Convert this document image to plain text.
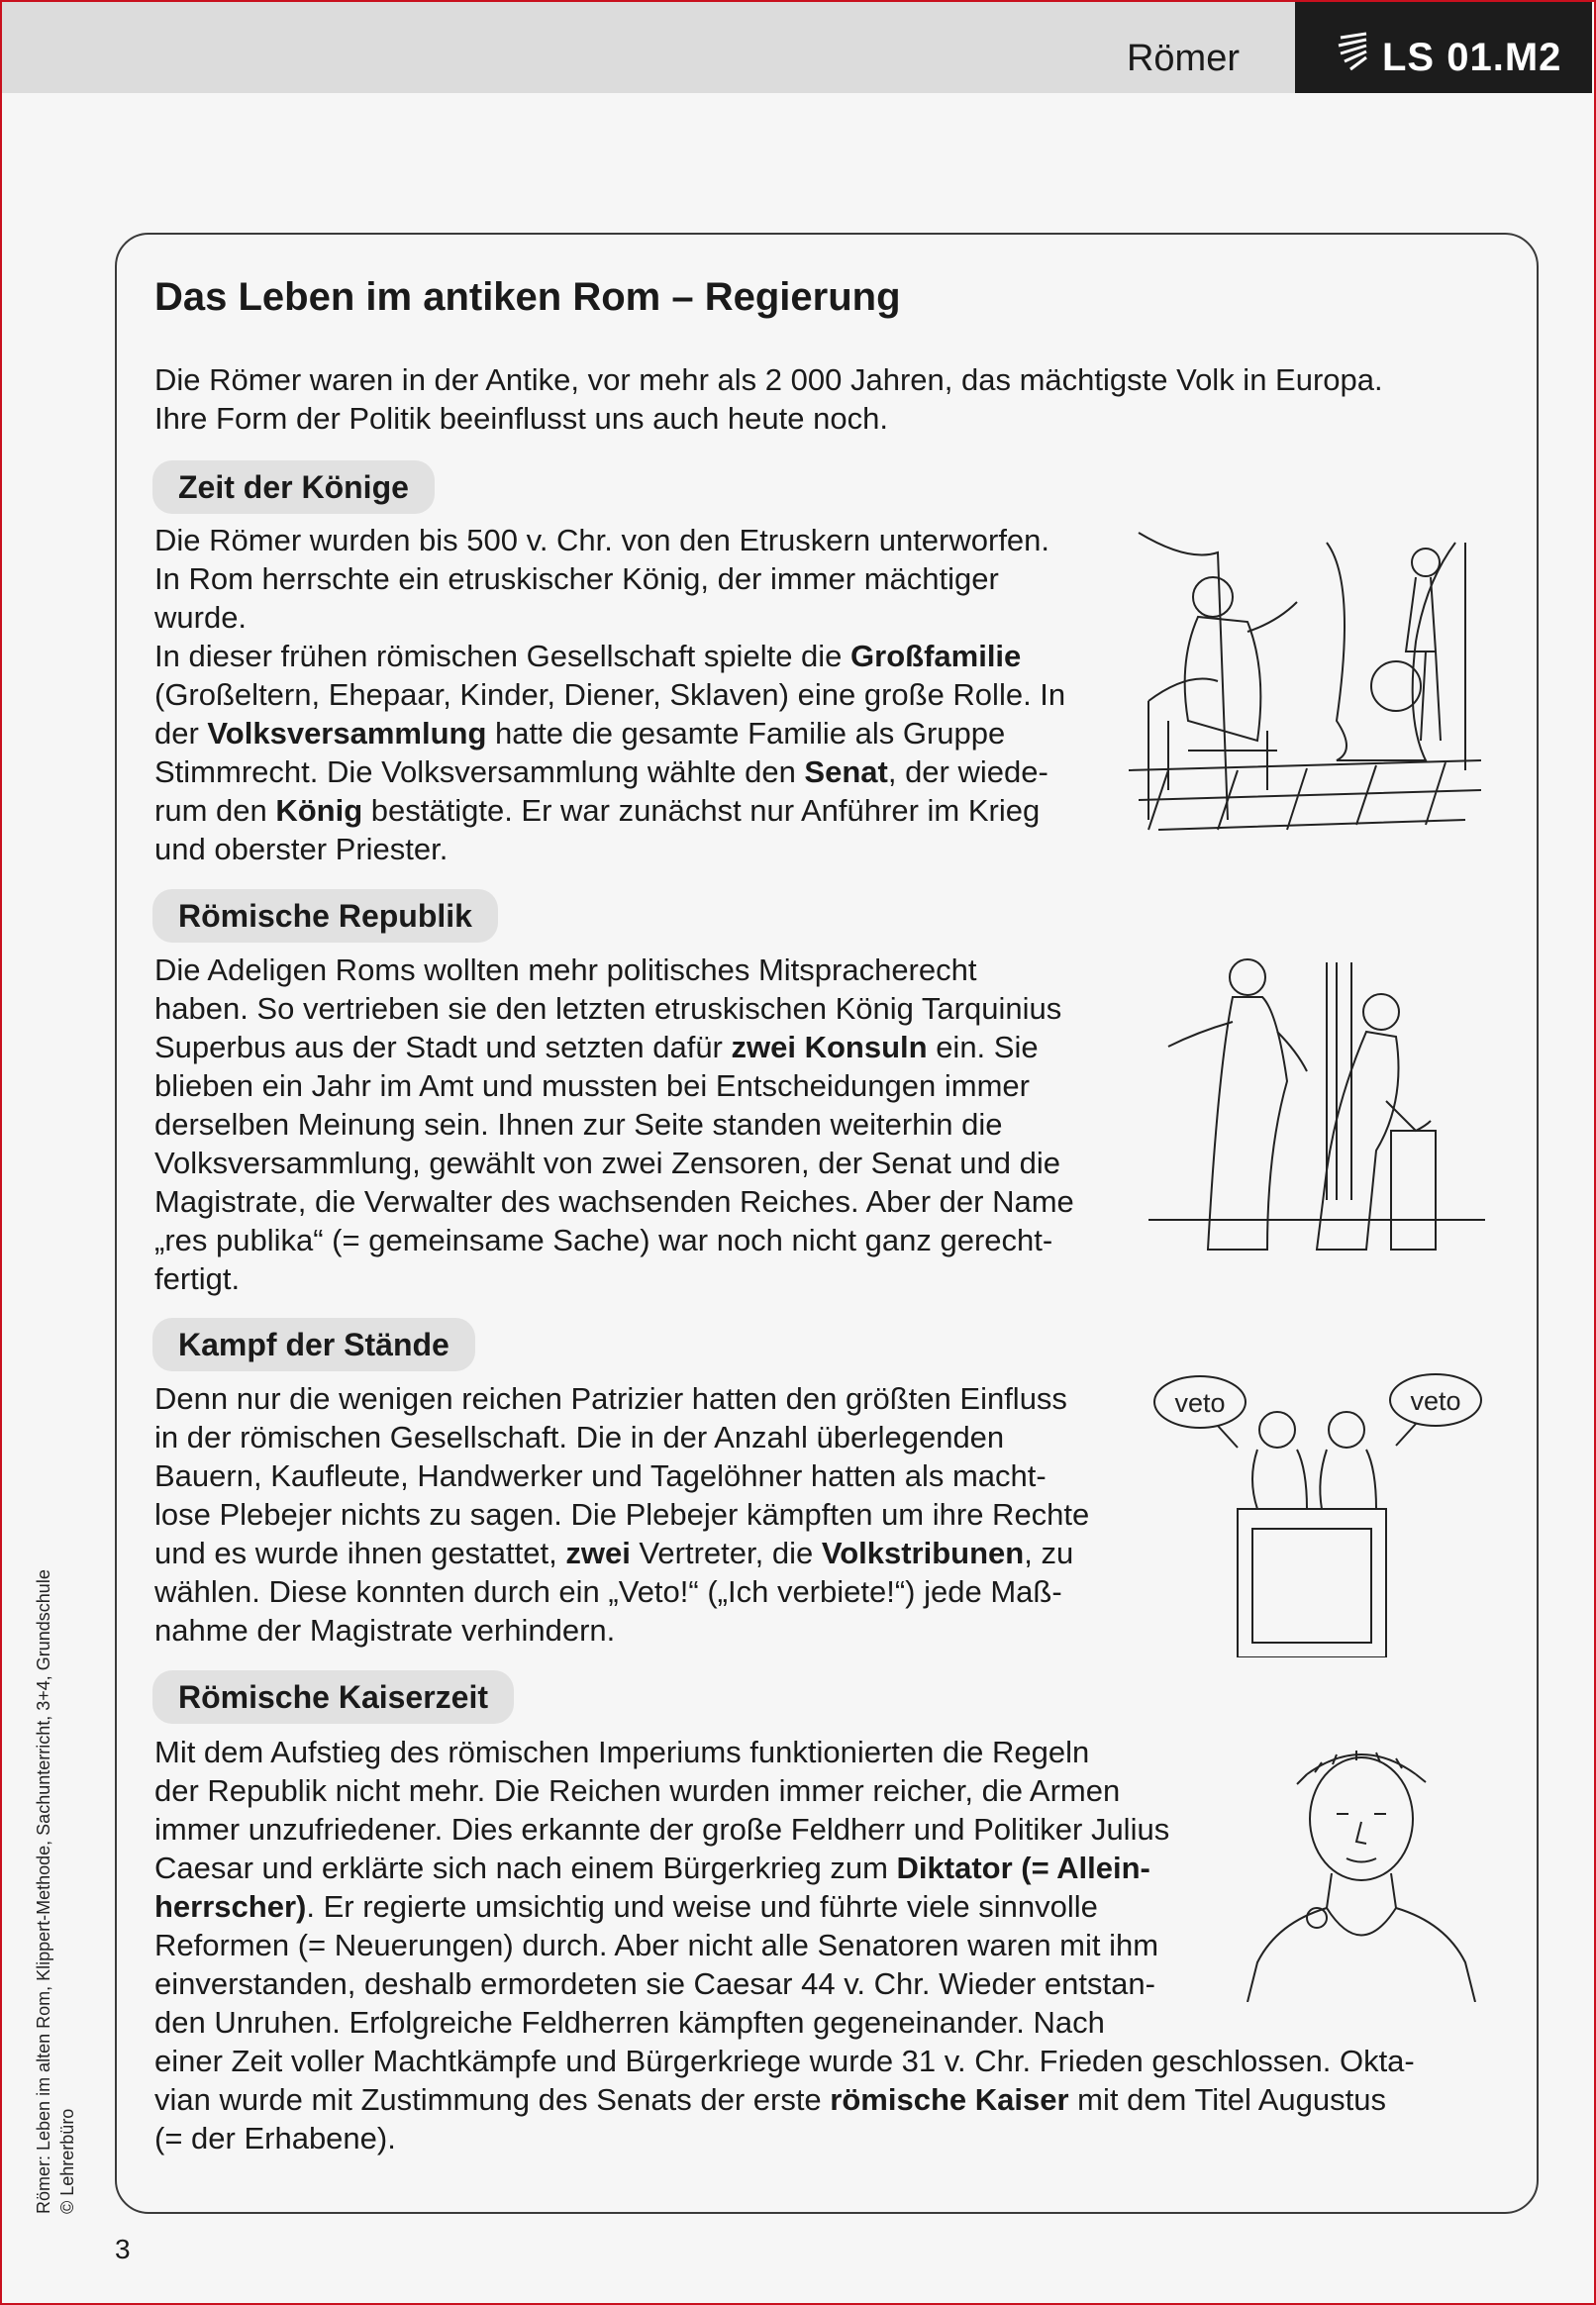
Römer	LS 01.M2
Das Leben im antiken Rom – Regierung
Die Römer waren in der Antike, vor mehr als 2 000 Jahren, das mächtigste Volk in Europa.
Ihre Form der Politik beeinflusst uns auch heute noch.
Zeit der Könige
Die Römer wurden bis 500 v. Chr. von den Etruskern unterworfen.
In Rom herrschte ein etruskischer König, der immer mächtiger
wurde.
In dieser frühen römischen Gesellschaft spielte die Großfamilie
(Großeltern, Ehepaar, Kinder, Diener, Sklaven) eine große Rolle. In
der Volksversammlung hatte die gesamte Familie als Gruppe
Stimmrecht. Die Volksversammlung wählte den Senat, der wiede-
rum den König bestätigte. Er war zunächst nur Anführer im Krieg
und oberster Priester.
Römische Republik
Die Adeligen Roms wollten mehr politisches Mitspracherecht
haben. So vertrieben sie den letzten etruskischen König Tarquinius
Superbus aus der Stadt und setzten dafür zwei Konsuln ein. Sie
blieben ein Jahr im Amt und mussten bei Entscheidungen immer
derselben Meinung sein. Ihnen zur Seite standen weiterhin die
Volksversammlung, gewählt von zwei Zensoren, der Senat und die
Magistrate, die Verwalter des wachsenden Reiches. Aber der Name
„res publika“ (= gemeinsame Sache) war noch nicht ganz gerecht-
fertigt.
Kampf der Stände
Denn nur die wenigen reichen Patrizier hatten den größten Einfluss
in der römischen Gesellschaft. Die in der Anzahl überlegenden
Bauern, Kaufleute, Handwerker und Tagelöhner hatten als macht-
lose Plebejer nichts zu sagen. Die Plebejer kämpften um ihre Rechte
und es wurde ihnen gestattet, zwei Vertreter, die Volkstribunen, zu
wählen. Diese konnten durch ein „Veto!“ („Ich verbiete!“) jede Maß-
nahme der Magistrate verhindern.
veto	veto
Römische Kaiserzeit
Mit dem Aufstieg des römischen Imperiums funktionierten die Regeln
der Republik nicht mehr. Die Reichen wurden immer reicher, die Armen
immer unzufriedener. Dies erkannte der große Feldherr und Politiker Julius
Caesar und erklärte sich nach einem Bürgerkrieg zum Diktator (= Allein-
herrscher). Er regierte umsichtig und weise und führte viele sinnvolle
Reformen (= Neuerungen) durch. Aber nicht alle Senatoren waren mit ihm
einverstanden, deshalb ermordeten sie Caesar 44 v. Chr. Wieder entstan-
den Unruhen. Erfolgreiche Feldherren kämpften gegeneinander. Nach
einer Zeit voller Machtkämpfe und Bürgerkriege wurde 31 v. Chr. Frieden geschlossen. Okta-
vian wurde mit Zustimmung des Senats der erste römische Kaiser mit dem Titel Augustus
(= der Erhabene).
Römer: Leben im alten Rom, Klippert-Methode, Sachunterricht, 3+4, Grundschule © Lehrerbüro
3
